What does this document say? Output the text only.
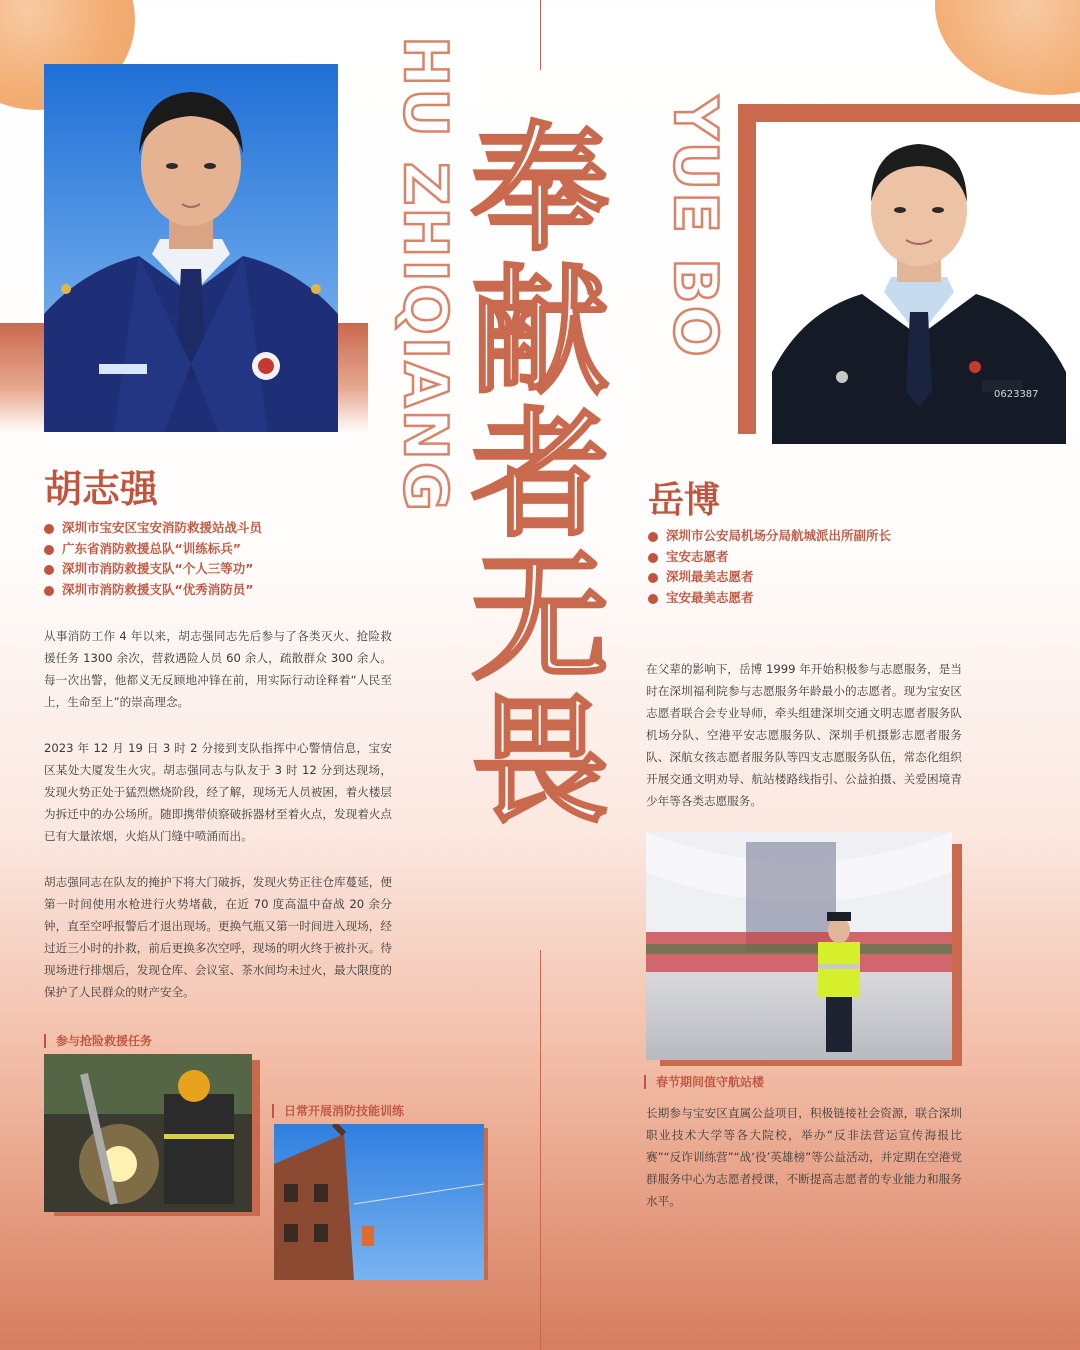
0623387
HU ZHIQIANG	YUE BO
奉
献
者
无
畏
胡志强
深圳市宝安区宝安消防救援站战斗员
广东省消防救援总队“训练标兵”
深圳市消防救援支队“个人三等功”
深圳市消防救援支队“优秀消防员”

从事消防工作 4 年以来，胡志强同志先后参与了各类灭火、抢险救援任务 1300 余次，营救遇险人员 60 余人，疏散群众 300 余人。每一次出警，他都义无反顾地冲锋在前，用实际行动诠释着“人民至上，生命至上”的崇高理念。

2023 年 12 月 19 日 3 时 2 分接到支队指挥中心警情信息，宝安区某处大厦发生火灾。胡志强同志与队友于 3 时 12 分到达现场，发现火势正处于猛烈燃烧阶段，经了解，现场无人员被困，着火楼层为拆迁中的办公场所。随即携带侦察破拆器材至着火点，发现着火点已有大量浓烟，火焰从门缝中喷涌而出。

胡志强同志在队友的掩护下将大门破拆，发现火势正往仓库蔓延，便第一时间使用水枪进行火势堵截，在近 70 度高温中奋战 20 余分钟，直至空呼报警后才退出现场。更换气瓶又第一时间进入现场，经过近三小时的扑救，前后更换多次空呼，现场的明火终于被扑灭。待现场进行排烟后，发现仓库、会议室、茶水间均未过火，最大限度的保护了人民群众的财产安全。

岳博
深圳市公安局机场分局航城派出所副所长
宝安志愿者
深圳最美志愿者
宝安最美志愿者

在父辈的影响下，岳博 1999 年开始积极参与志愿服务，是当时在深圳福利院参与志愿服务年龄最小的志愿者。现为宝安区志愿者联合会专业导师，牵头组建深圳交通文明志愿者服务队机场分队、空港平安志愿服务队、深圳手机摄影志愿者服务队、深航女孩志愿者服务队等四支志愿服务队伍，常态化组织开展交通文明劝导、航站楼路线指引、公益拍摄、关爱困境青少年等各类志愿服务。

参与抢险救援任务
日常开展消防技能训练
春节期间值守航站楼

长期参与宝安区直属公益项目，积极链接社会资源，联合深圳职业技术大学等各大院校，举办“反非法营运宣传海报比赛”“反诈训练营”“战‘役’英雄榜”等公益活动，并定期在空港党群服务中心为志愿者授课，不断提高志愿者的专业能力和服务水平。
